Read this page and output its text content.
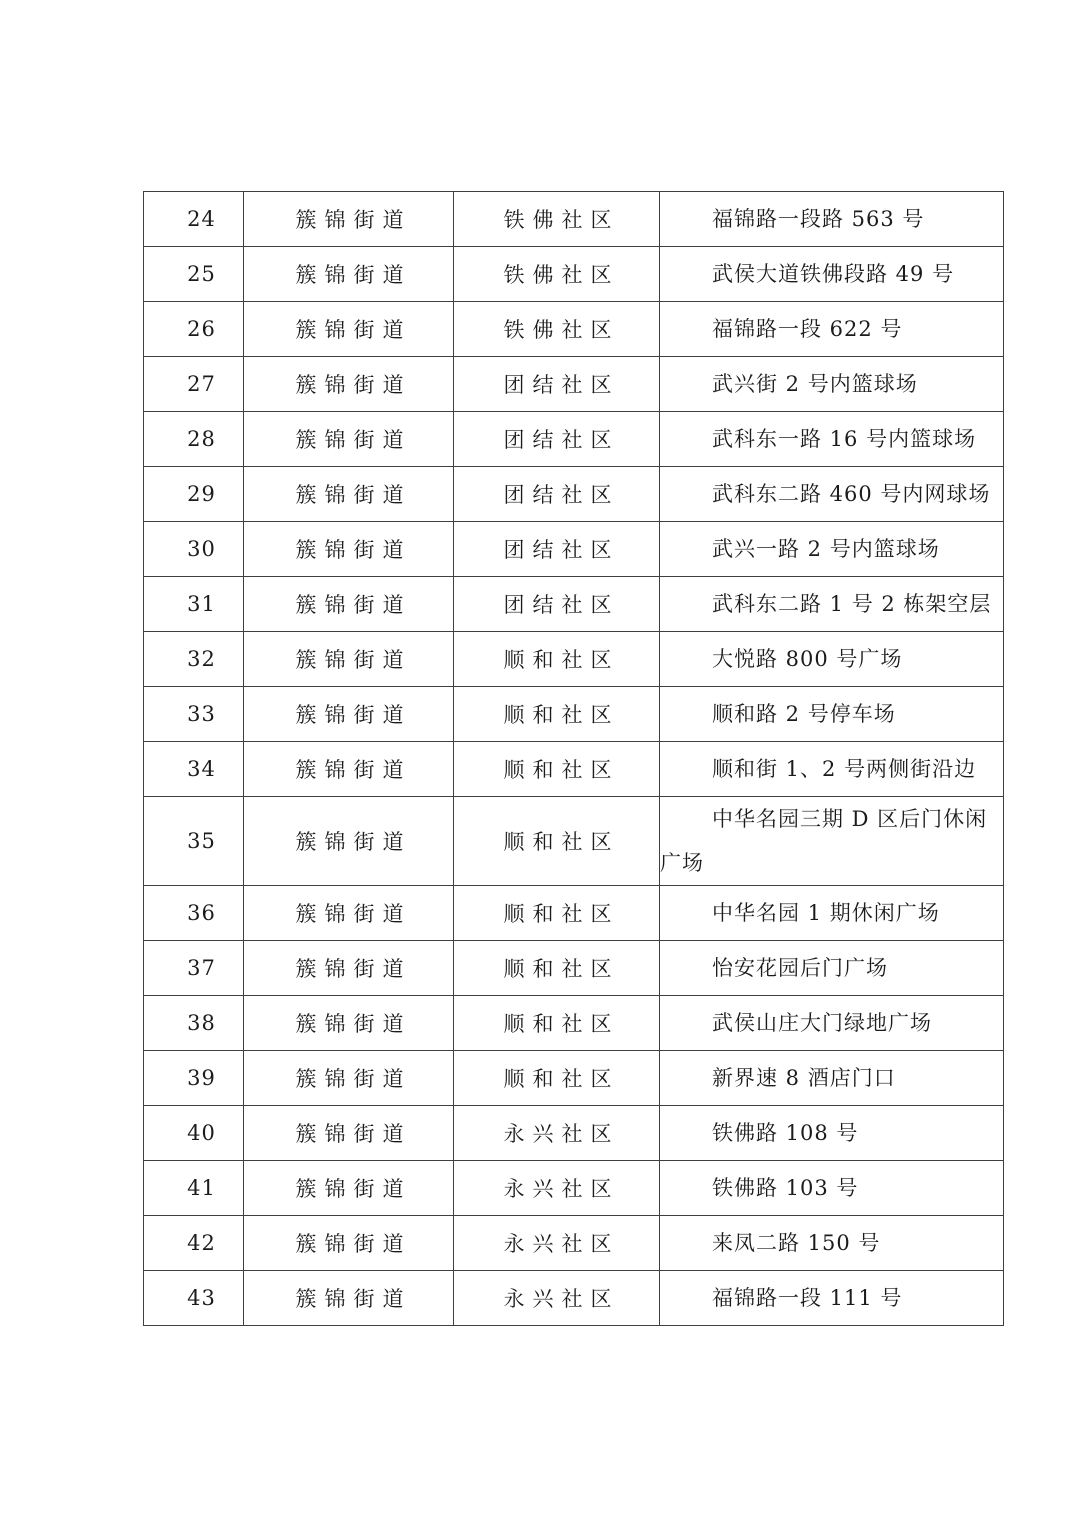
24	簇锦街道	铁佛社区	福锦路一段路 563 号
25	簇锦街道	铁佛社区	武侯大道铁佛段路 49 号
26	簇锦街道	铁佛社区	福锦路一段 622 号
27	簇锦街道	团结社区	武兴街 2 号内篮球场
28	簇锦街道	团结社区	武科东一路 16 号内篮球场
29	簇锦街道	团结社区	武科东二路 460 号内网球场
30	簇锦街道	团结社区	武兴一路 2 号内篮球场
31	簇锦街道	团结社区	武科东二路 1 号 2 栋架空层
32	簇锦街道	顺和社区	大悦路 800 号广场
33	簇锦街道	顺和社区	顺和路 2 号停车场
34	簇锦街道	顺和社区	顺和街 1、2 号两侧街沿边
35	簇锦街道	顺和社区	中华名园三期 D 区后门休闲广场
36	簇锦街道	顺和社区	中华名园 1 期休闲广场
37	簇锦街道	顺和社区	怡安花园后门广场
38	簇锦街道	顺和社区	武侯山庄大门绿地广场
39	簇锦街道	顺和社区	新界速 8 酒店门口
40	簇锦街道	永兴社区	铁佛路 108 号
41	簇锦街道	永兴社区	铁佛路 103 号
42	簇锦街道	永兴社区	来凤二路 150 号
43	簇锦街道	永兴社区	福锦路一段 111 号
